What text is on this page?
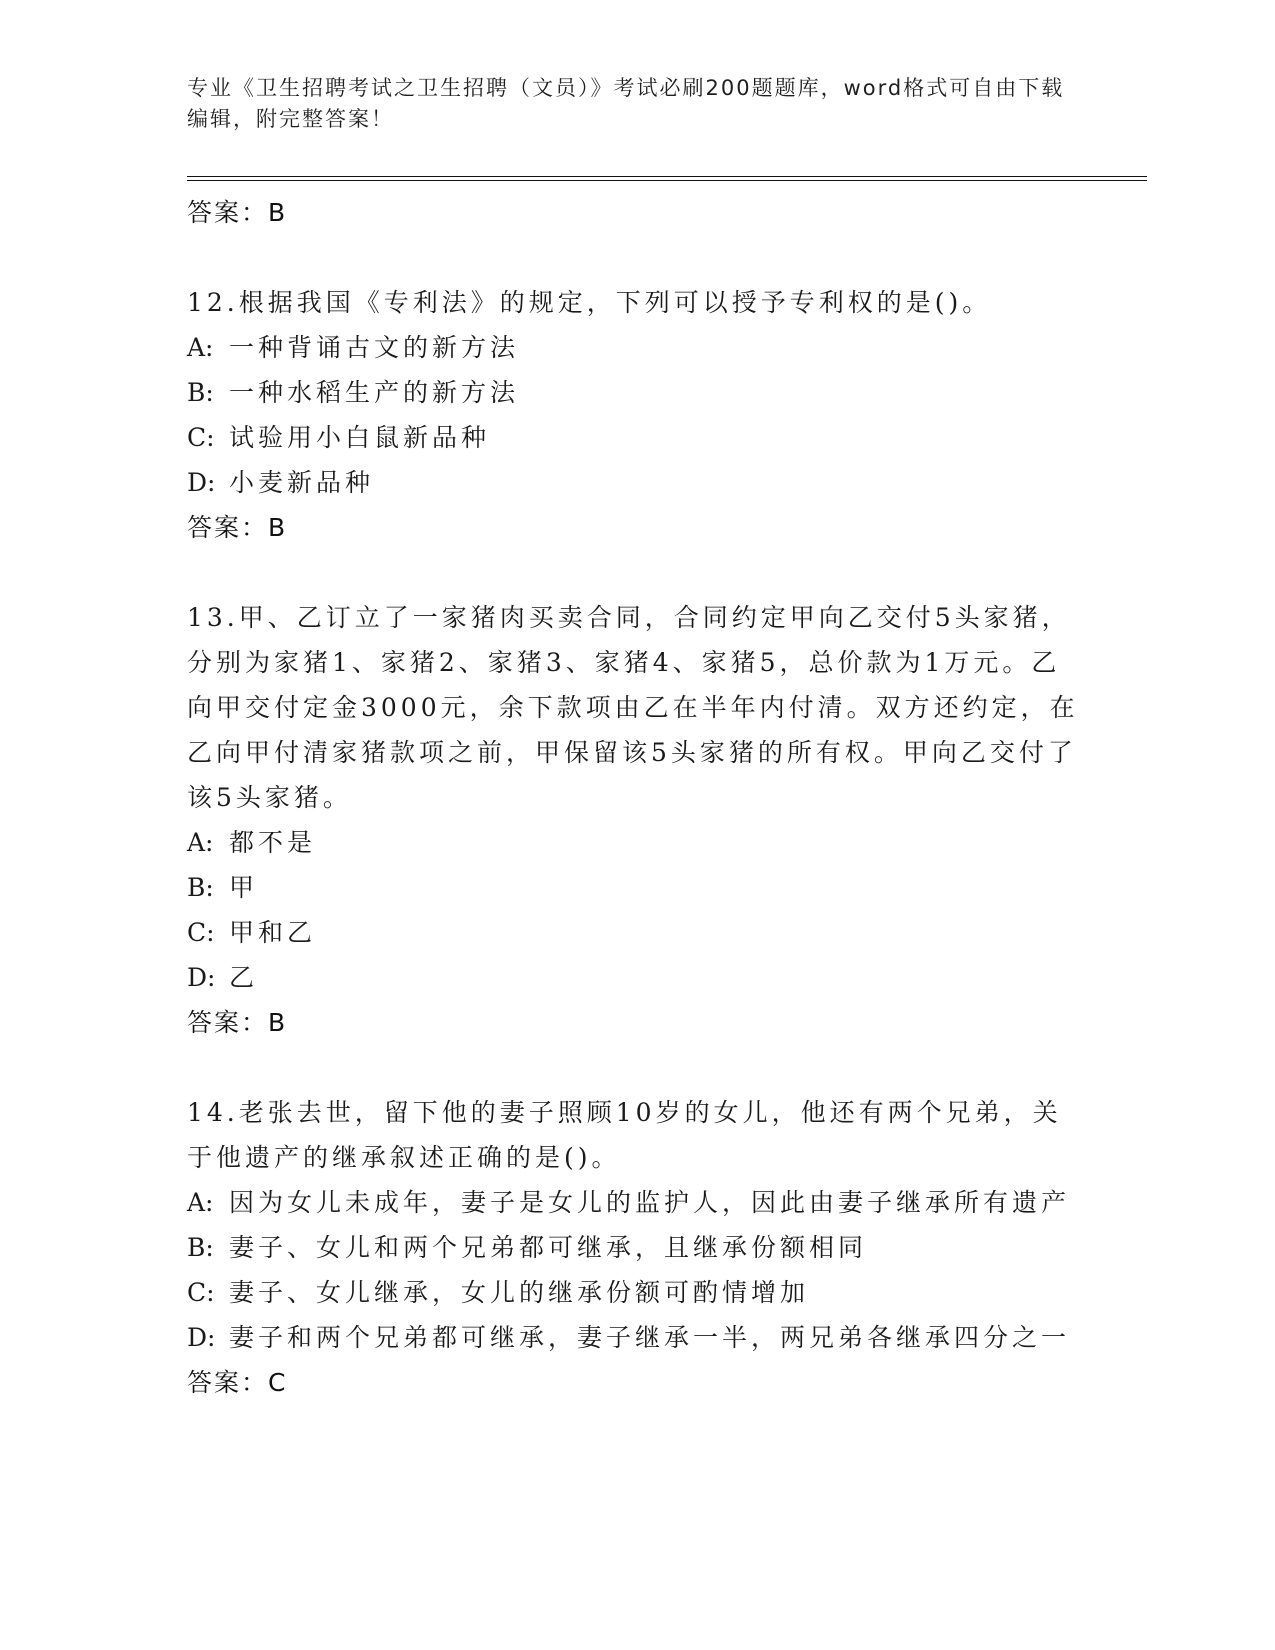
专业《卫生招聘考试之卫生招聘（文员）》考试必刷200题题库，word格式可自由下载编辑，附完整答案！
答案：B

12.根据我国《专利法》的规定，下列可以授予专利权的是()。

A: 一种背诵古文的新方法

B: 一种水稻生产的新方法

C: 试验用小白鼠新品种

D: 小麦新品种

答案：B

13.甲、乙订立了一家猪肉买卖合同，合同约定甲向乙交付5头家猪，分别为家猪1、家猪2、家猪3、家猪4、家猪5，总价款为1万元。乙向甲交付定金3000元，余下款项由乙在半年内付清。双方还约定，在乙向甲付清家猪款项之前，甲保留该5头家猪的所有权。甲向乙交付了该5头家猪。

A: 都不是

B: 甲

C: 甲和乙

D: 乙

答案：B

14.老张去世，留下他的妻子照顾10岁的女儿，他还有两个兄弟，关于他遗产的继承叙述正确的是()。

A: 因为女儿未成年，妻子是女儿的监护人，因此由妻子继承所有遗产

B: 妻子、女儿和两个兄弟都可继承，且继承份额相同

C: 妻子、女儿继承，女儿的继承份额可酌情增加

D: 妻子和两个兄弟都可继承，妻子继承一半，两兄弟各继承四分之一

答案：C
